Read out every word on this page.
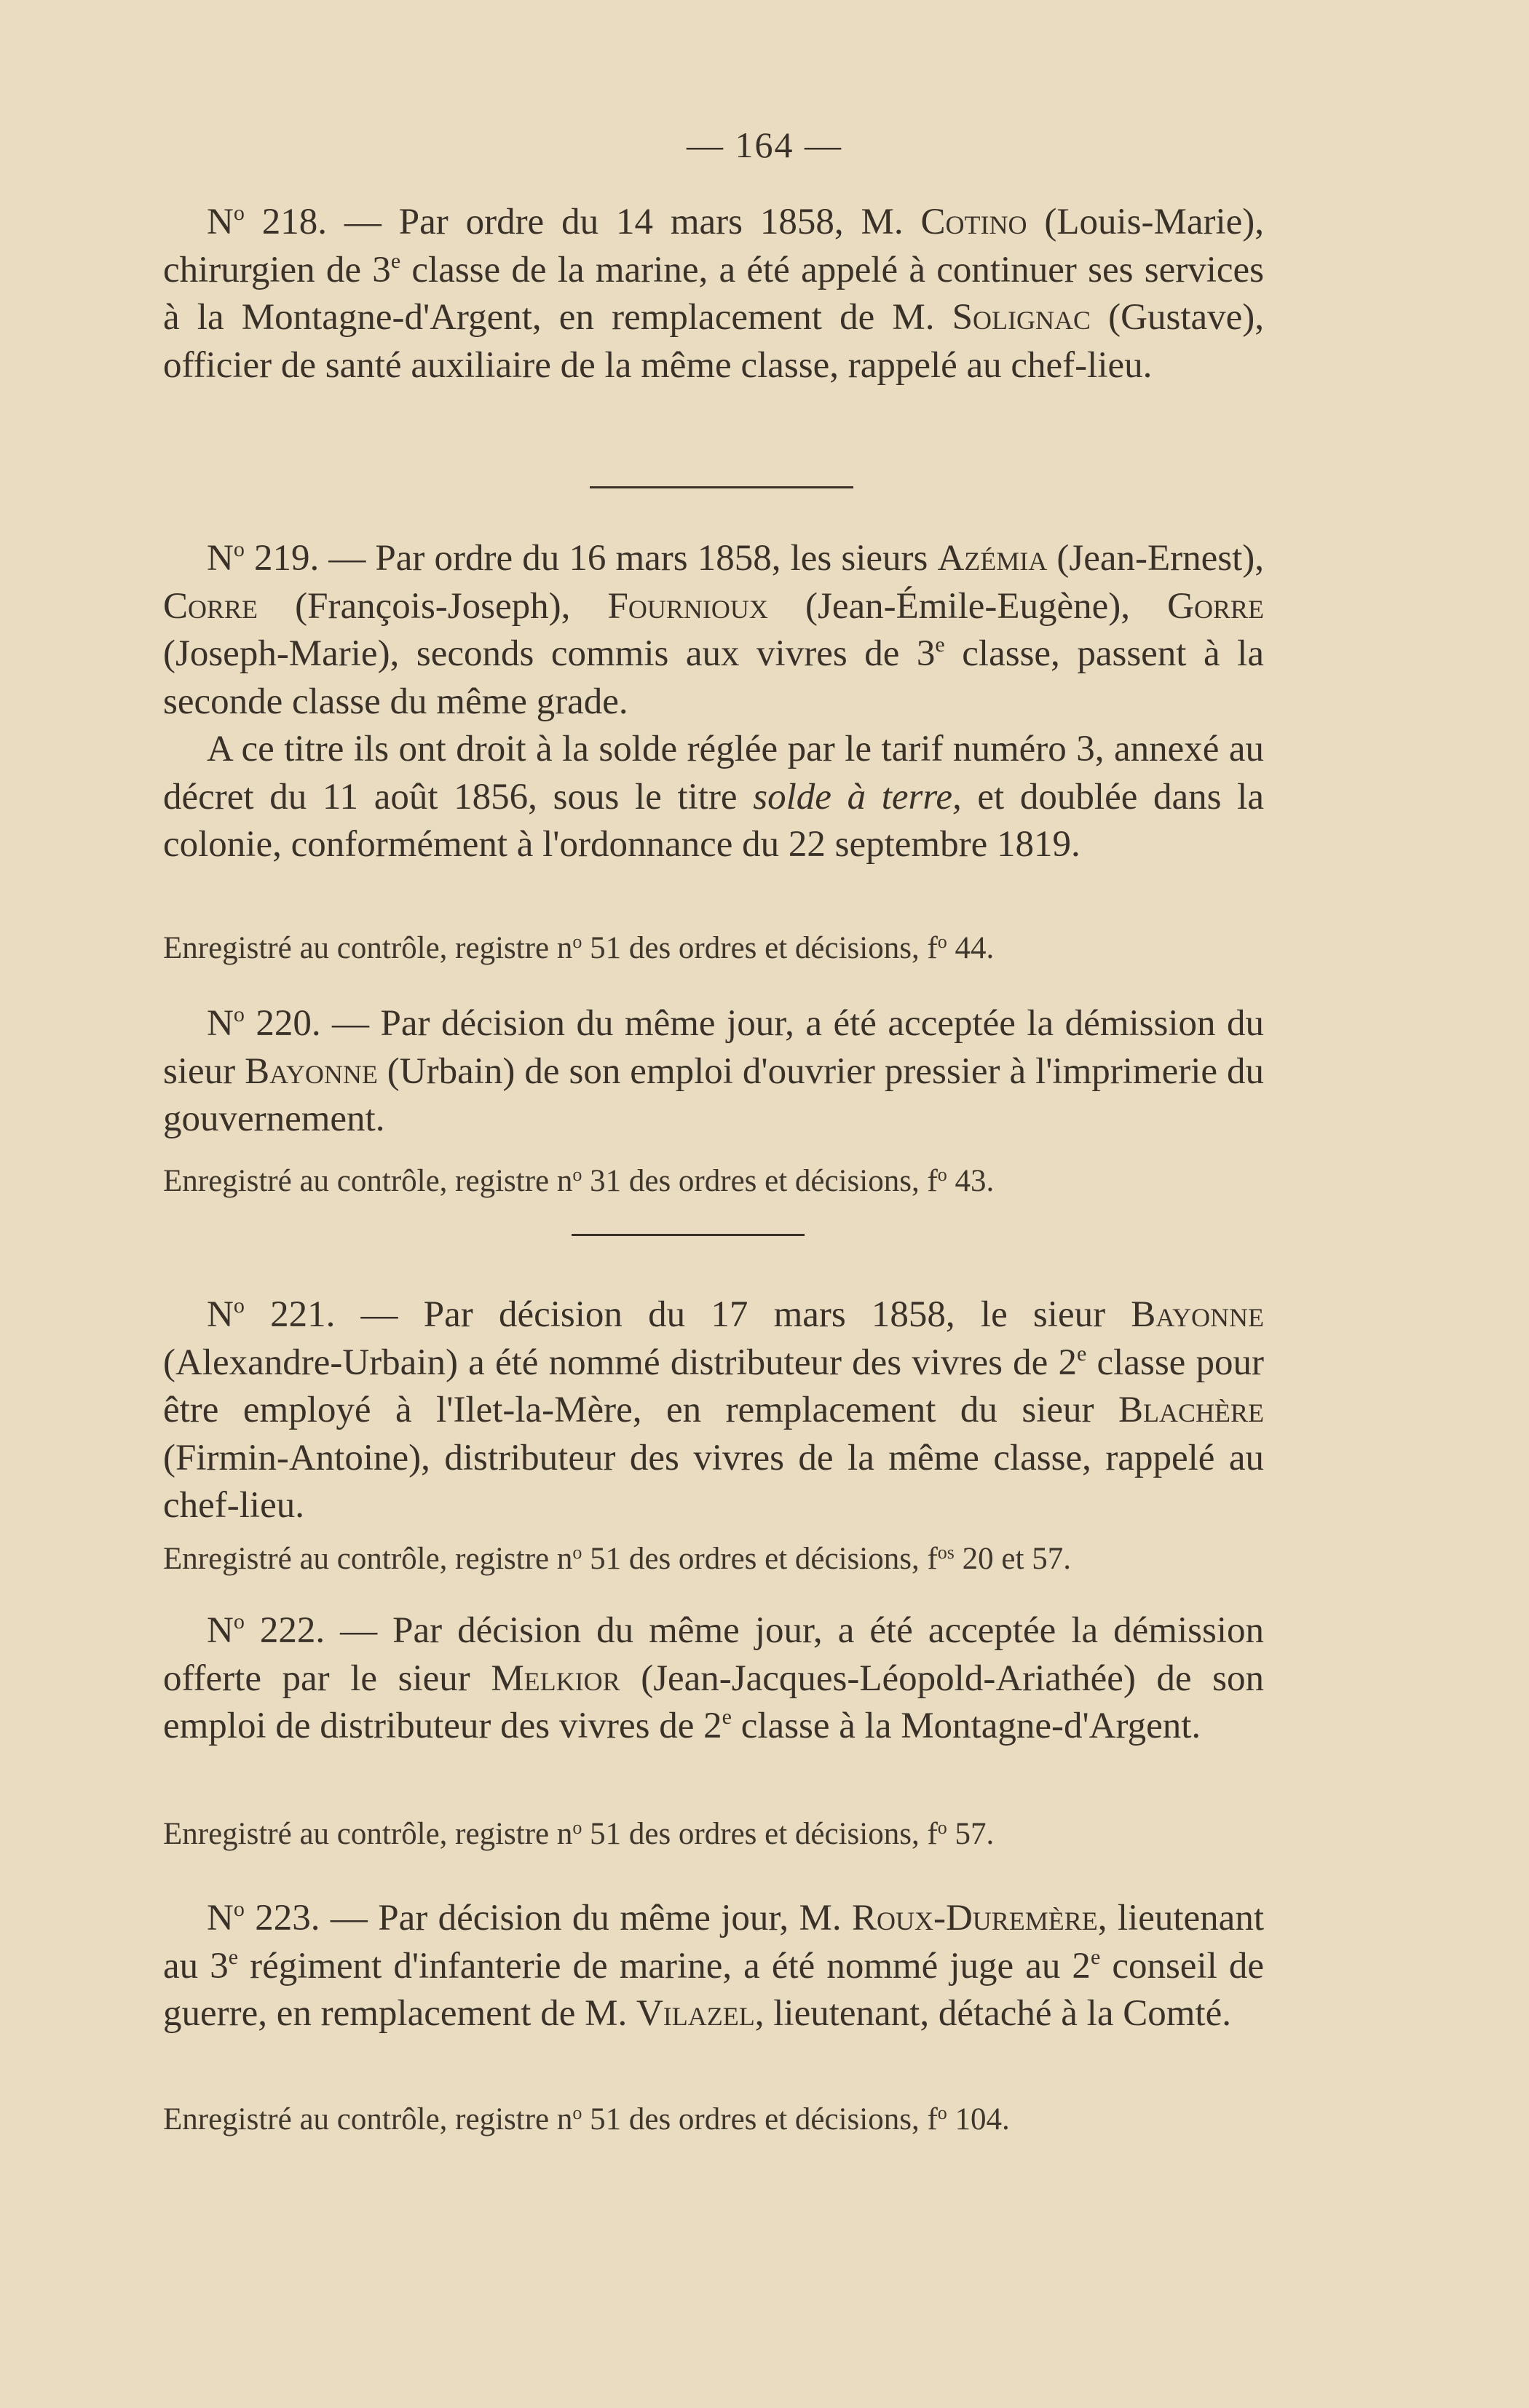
— 164 —

$N^o$ 218. — Par ordre du 14 mars 1858, M. Cotino (Louis-Marie), chirurgien de 3e classe de la marine, a été appelé à continuer ses services à la Montagne-d'Argent, en remplacement de M. Solignac (Gustave), officier de santé auxiliaire de la même classe, rappelé au chef-lieu.

$N^o$ 219. — Par ordre du 16 mars 1858, les sieurs Azémia (Jean-Ernest), Corre (François-Joseph), Fournioux (Jean-Émile-Eugène), Gorre (Joseph-Marie), seconds commis aux vivres de 3e classe, passent à la seconde classe du même grade.

A ce titre ils ont droit à la solde réglée par le tarif numéro 3, annexé au décret du 11 août 1856, sous le titre solde à terre, et doublée dans la colonie, conformément à l'ordonnance du 22 septembre 1819.

Enregistré au contrôle, registre $n^o$ 51 des ordres et décisions, $f^o$ 44.

$N^o$ 220. — Par décision du même jour, a été acceptée la démission du sieur Bayonne (Urbain) de son emploi d'ouvrier pressier à l'imprimerie du gouvernement.

Enregistré au contrôle, registre $n^o$ 31 des ordres et décisions, $f^o$ 43.

$N^o$ 221. — Par décision du 17 mars 1858, le sieur Bayonne (Alexandre-Urbain) a été nommé distributeur des vivres de 2e classe pour être employé à l'Ilet-la-Mère, en remplacement du sieur Blachère (Firmin-Antoine), distributeur des vivres de la même classe, rappelé au chef-lieu.

Enregistré au contrôle, registre $n^o$ 51 des ordres et décisions, $f^{os}$ 20 et 57.

$N^o$ 222. — Par décision du même jour, a été acceptée la démission offerte par le sieur Melkior (Jean-Jacques-Léopold-Ariathée) de son emploi de distributeur des vivres de 2e classe à la Montagne-d'Argent.

Enregistré au contrôle, registre $n^o$ 51 des ordres et décisions, $f^o$ 57.

$N^o$ 223. — Par décision du même jour, M. Roux-Duremère, lieutenant au 3e régiment d'infanterie de marine, a été nommé juge au 2e conseil de guerre, en remplacement de M. Vilazel, lieutenant, détaché à la Comté.

Enregistré au contrôle, registre $n^o$ 51 des ordres et décisions, $f^o$ 104.
